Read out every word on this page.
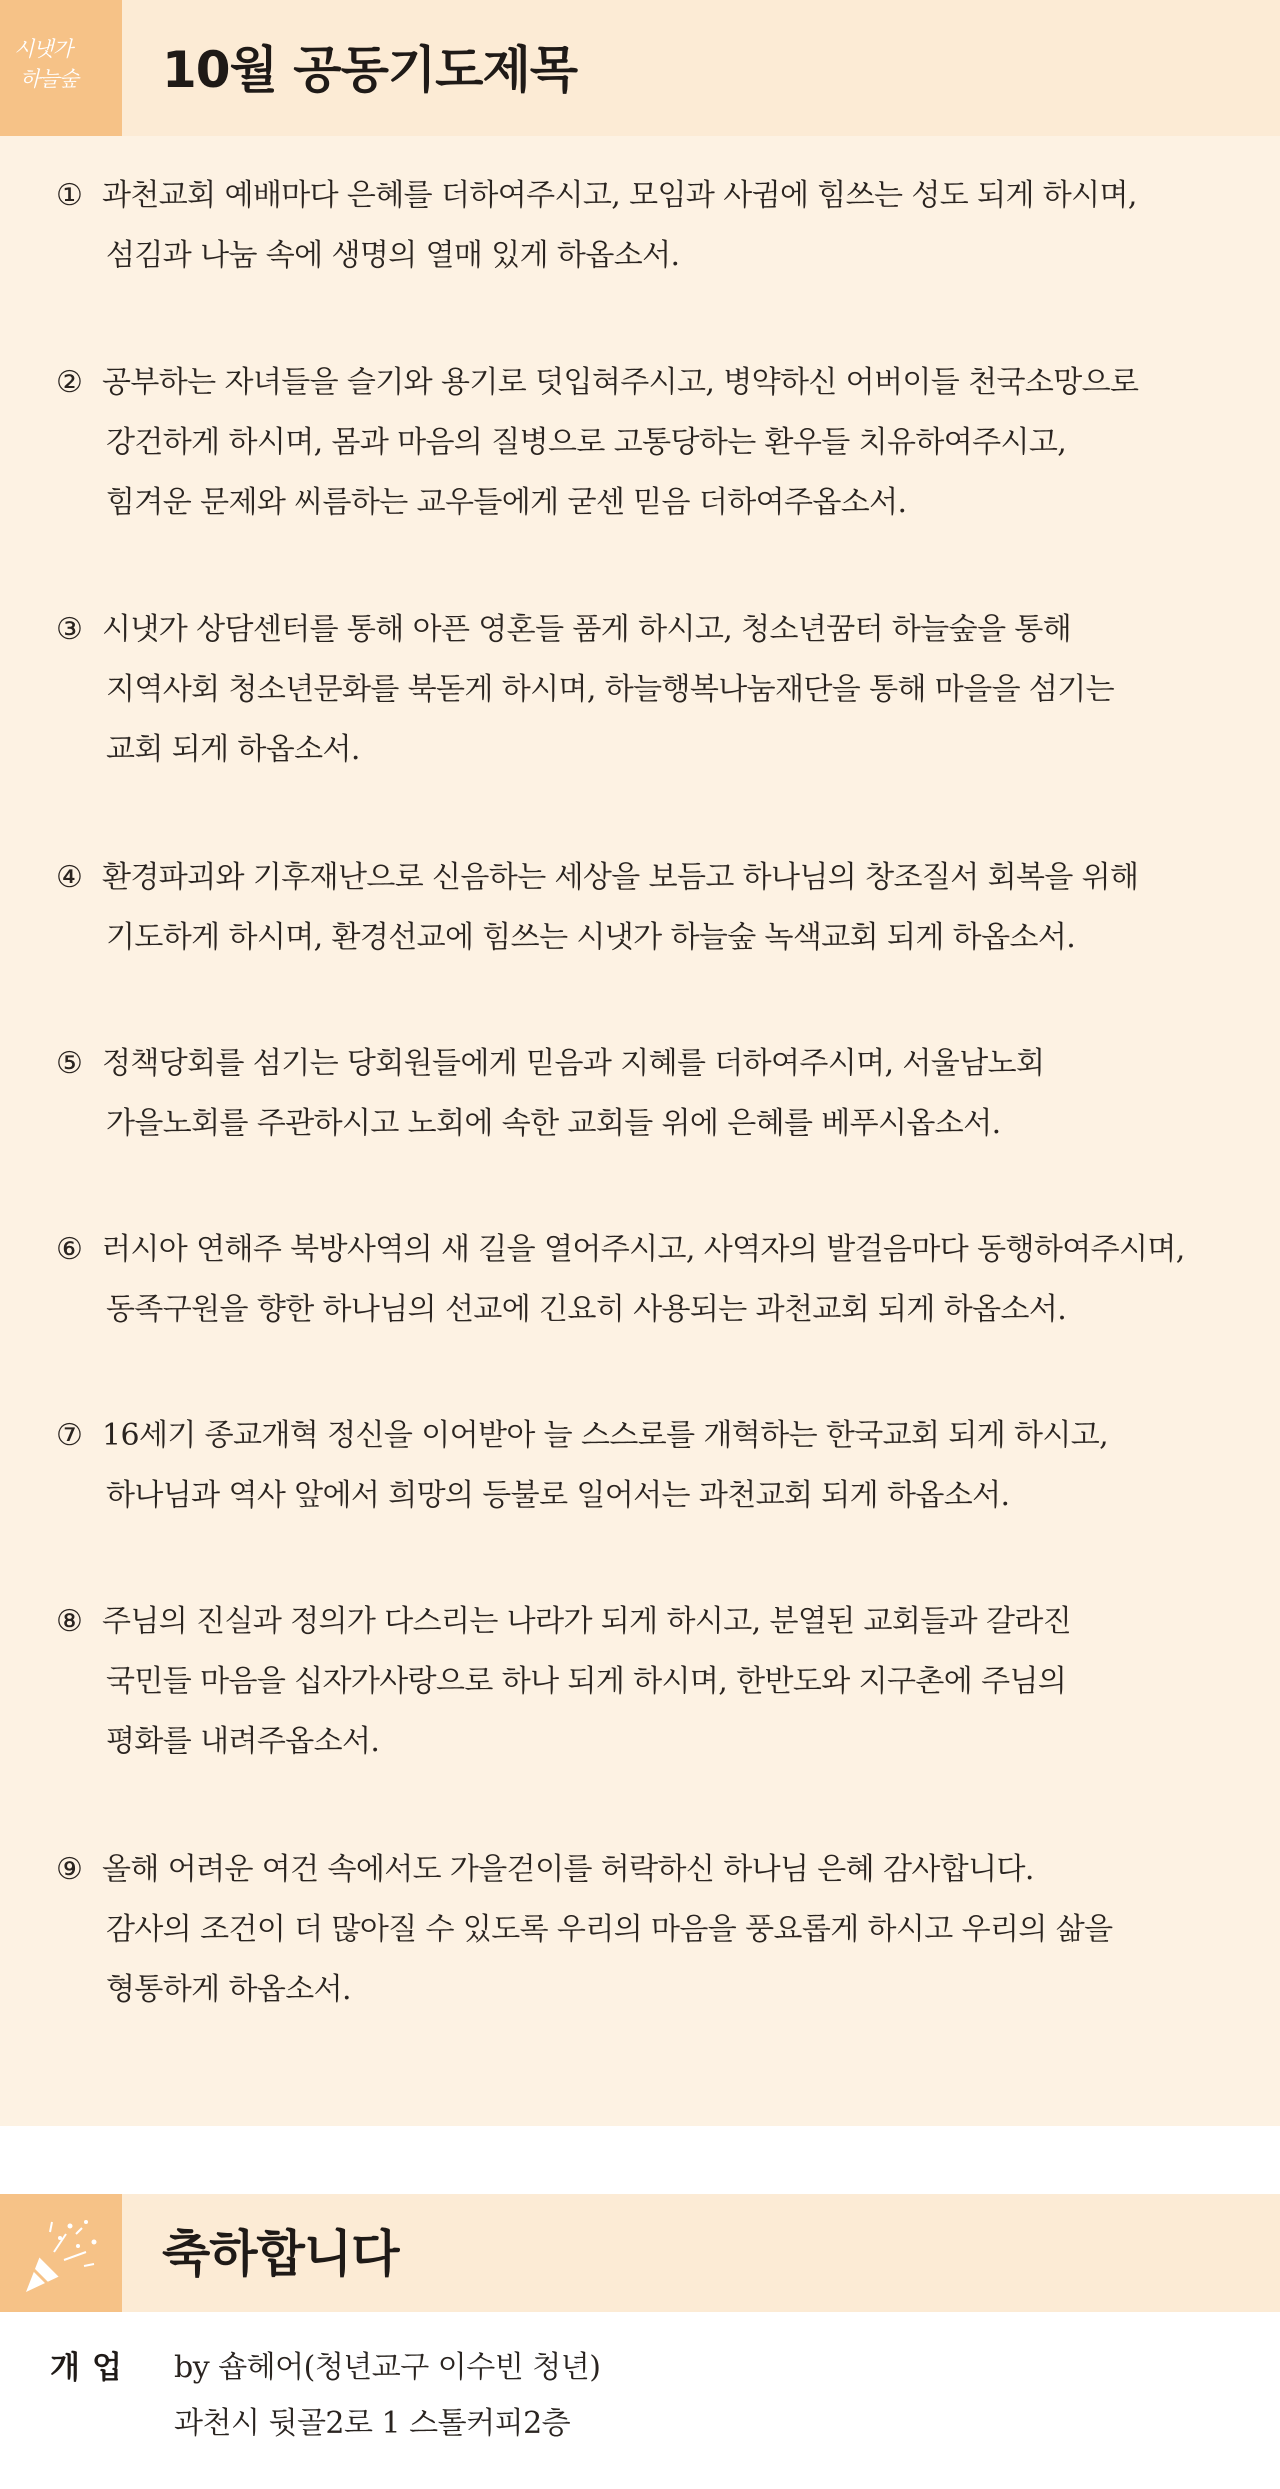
시냇가
하늘숲	10월 공동기도제목
① 과천교회 예배마다 은혜를 더하여주시고, 모임과 사귐에 힘쓰는 성도 되게 하시며,
섬김과 나눔 속에 생명의 열매 있게 하옵소서.
② 공부하는 자녀들을 슬기와 용기로 덧입혀주시고, 병약하신 어버이들 천국소망으로
강건하게 하시며, 몸과 마음의 질병으로 고통당하는 환우들 치유하여주시고,
힘겨운 문제와 씨름하는 교우들에게 굳센 믿음 더하여주옵소서.
③ 시냇가 상담센터를 통해 아픈 영혼들 품게 하시고, 청소년꿈터 하늘숲을 통해
지역사회 청소년문화를 북돋게 하시며, 하늘행복나눔재단을 통해 마을을 섬기는
교회 되게 하옵소서.
④ 환경파괴와 기후재난으로 신음하는 세상을 보듬고 하나님의 창조질서 회복을 위해
기도하게 하시며, 환경선교에 힘쓰는 시냇가 하늘숲 녹색교회 되게 하옵소서.
⑤ 정책당회를 섬기는 당회원들에게 믿음과 지혜를 더하여주시며, 서울남노회
가을노회를 주관하시고 노회에 속한 교회들 위에 은혜를 베푸시옵소서.
⑥ 러시아 연해주 북방사역의 새 길을 열어주시고, 사역자의 발걸음마다 동행하여주시며,
동족구원을 향한 하나님의 선교에 긴요히 사용되는 과천교회 되게 하옵소서.
⑦ 16세기 종교개혁 정신을 이어받아 늘 스스로를 개혁하는 한국교회 되게 하시고,
하나님과 역사 앞에서 희망의 등불로 일어서는 과천교회 되게 하옵소서.
⑧ 주님의 진실과 정의가 다스리는 나라가 되게 하시고, 분열된 교회들과 갈라진
국민들 마음을 십자가사랑으로 하나 되게 하시며, 한반도와 지구촌에 주님의
평화를 내려주옵소서.
⑨ 올해 어려운 여건 속에서도 가을걷이를 허락하신 하나님 은혜 감사합니다.
감사의 조건이 더 많아질 수 있도록 우리의 마음을 풍요롭게 하시고 우리의 삶을
형통하게 하옵소서.
축하합니다
개업 by 숍헤어(청년교구 이수빈 청년)
과천시 뒷골2로 1 스톨커피2층
